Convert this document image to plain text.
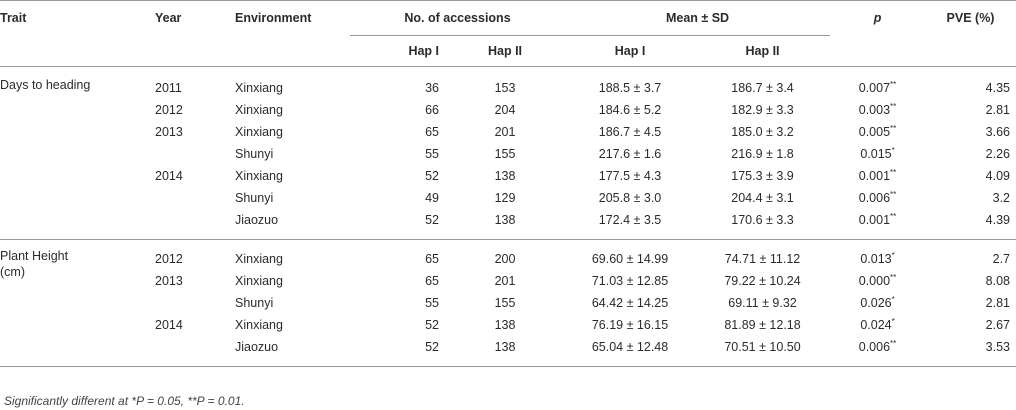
Trait	Year	Environment	No. of accessions		Mean ± SD		p	PVE (%)
			Hap I	Hap II	Hap I	Hap II		

Days to heading	2011	Xinxiang	36	153	188.5 ± 3.7	186.7 ± 3.4	0.007**	4.35
	2012	Xinxiang	66	204	184.6 ± 5.2	182.9 ± 3.3	0.003**	2.81
	2013	Xinxiang	65	201	186.7 ± 4.5	185.0 ± 3.2	0.005**	3.66
		Shunyi	55	155	217.6 ± 1.6	216.9 ± 1.8	0.015*	2.26
	2014	Xinxiang	52	138	177.5 ± 4.3	175.3 ± 3.9	0.001**	4.09
		Shunyi	49	129	205.8 ± 3.0	204.4 ± 3.1	0.006**	3.2
		Jiaozuo	52	138	172.4 ± 3.5	170.6 ± 3.3	0.001**	4.39

Plant Height
(cm)	2012	Xinxiang	65	200	69.60 ± 14.99	74.71 ± 11.12	0.013*	2.7
	2013	Xinxiang	65	201	71.03 ± 12.85	79.22 ± 10.24	0.000**	8.08
		Shunyi	55	155	64.42 ± 14.25	69.11 ± 9.32	0.026*	2.81
	2014	Xinxiang	52	138	76.19 ± 16.15	81.89 ± 12.18	0.024*	2.67
		Jiaozuo	52	138	65.04 ± 12.48	70.51 ± 10.50	0.006**	3.53
Significantly different at *P = 0.05, **P = 0.01.
